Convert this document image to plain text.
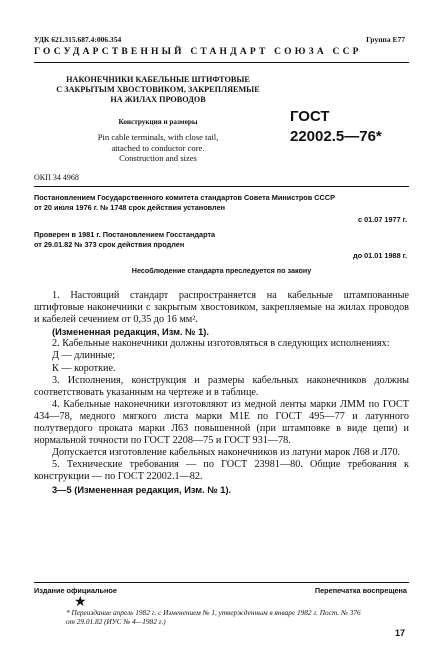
УДК 621.315.687.4:006.354	Группа Е77
ГОСУДАРСТВЕННЫЙ СТАНДАРТ СОЮЗА ССР
НАКОНЕЧНИКИ КАБЕЛЬНЫЕ ШТИФТОВЫЕ
С ЗАКРЫТЫМ ХВОСТОВИКОМ, ЗАКРЕПЛЯЕМЫЕ
НА ЖИЛАХ ПРОВОДОВ
Конструкция и размеры
Pin cable terminals, with close tail,
attached to conductor core.
Construction and sizes
ГОСТ
22002.5—76*
ОКП 34 4968
Постановлением Государственного комитета стандартов Совета Министров СССР
от 20 июля 1976 г. № 1748 срок действия установлен
с 01.07 1977 г.
Проверен в 1981 г. Постановлением Госстандарта
от 29.01.82 № 373 срок действия продлен
до 01.01 1988 г.
Несоблюдение стандарта преследуется по закону

1. Настоящий стандарт распространяется на кабельные штампованные штифтовые наконечники с закрытым хвостовиком, закрепляемые на жилах проводов и кабелей сечением от 0,35 до 16 мм².

(Измененная редакция, Изм. № 1).

2. Кабельные наконечники должны изготовляться в следующих исполнениях:

Д — длинные;

К — короткие.

3. Исполнения, конструкция и размеры кабельных наконечников должны соответствовать указанным на чертеже и в таблице.

4. Кабельные наконечники изготовляют из медной ленты марки ЛММ по ГОСТ 434—78, медного мягкого листа марки М1Е по ГОСТ 495—77 и латунного полутвердого проката марки Л63 повышенной (при штамповке в виде цепи) и нормальной точности по ГОСТ 2208—75 и ГОСТ 931—78.

Допускается изготовление кабельных наконечников из латуни марок Л68 и Л70.

5. Технические требования — по ГОСТ 23981—80. Общие требования к конструкции — по ГОСТ 22002.1—82.

3—5 (Измененная редакция, Изм. № 1).

Издание официальное	Перепечатка воспрещена
★
* Переиздание апрель 1982 г. с Изменением № 1, утвержденным в январе 1982 г. Пост. № 376 от 29.01.82 (ИУС № 4—1982 г.)
17
